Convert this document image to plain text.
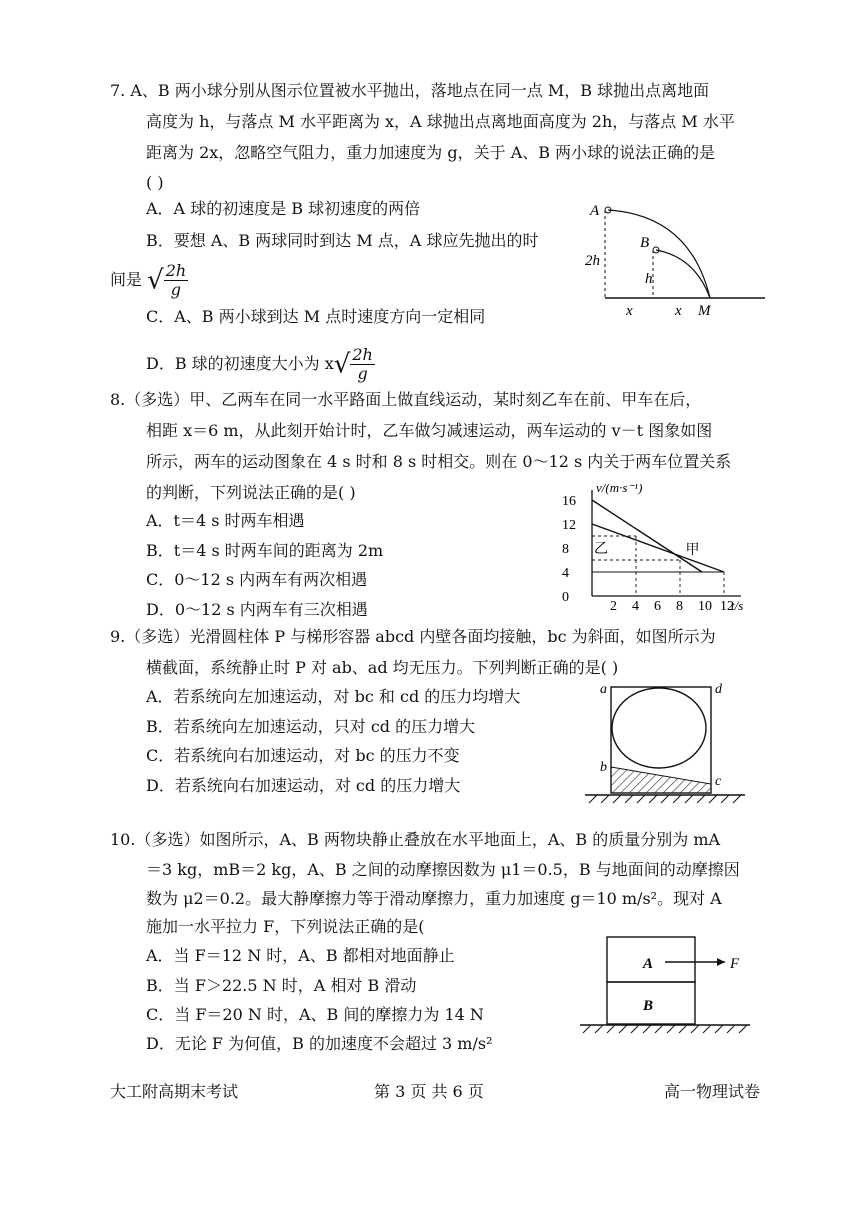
7. A、B 两小球分别从图示位置被水平抛出，落地点在同一点 M，B 球抛出点离地面
高度为 h，与落点 M 水平距离为 x，A 球抛出点离地面高度为 2h，与落点 M 水平
距离为 2x，忽略空气阻力，重力加速度为 g，关于 A、B 两小球的说法正确的是
( )
A．A 球的初速度是 B 球初速度的两倍
B．要想 A、B 两球同时到达 M 点，A 球应先抛出的时
间是 √ $\frac{2h}{g}$
C．A、B 两小球到达 M 点时速度方向一定相同
D．B 球的初速度大小为 $x√ \frac{2h}{g}$
A
B
2h
h
x	x M
8.（多选）甲、乙两车在同一水平路面上做直线运动，某时刻乙车在前、甲车在后，
相距 x＝6 m，从此刻开始计时，乙车做匀减速运动，两车运动的 v－t 图象如图
所示，两车的运动图象在 4 s 时和 8 s 时相交。则在 0～12 s 内关于两车位置关系
的判断，下列说法正确的是( )
A．t＝4 s 时两车相遇
B．t＝4 s 时两车间的距离为 2m
C．0～12 s 内两车有两次相遇
D．0～12 s 内两车有三次相遇
v/(m·s⁻¹)
t/s
0
4
8
12
16
2 4 6 8 10 12
乙	甲
9.（多选）光滑圆柱体 P 与梯形容器 abcd 内壁各面均接触，bc 为斜面，如图所示为
横截面，系统静止时 P 对 ab、ad 均无压力。下列判断正确的是( )
A．若系统向左加速运动，对 bc 和 cd 的压力均增大
B．若系统向左加速运动，只对 cd 的压力增大
C．若系统向右加速运动，对 bc 的压力不变
D．若系统向右加速运动，对 cd 的压力增大
a	d
b
c
10.（多选）如图所示，A、B 两物块静止叠放在水平地面上，A、B 的质量分别为 mA
＝3 kg，mB＝2 kg，A、B 之间的动摩擦因数为 μ1＝0.5，B 与地面间的动摩擦因
数为 μ2＝0.2。最大静摩擦力等于滑动摩擦力，重力加速度 g＝10 m/s²。现对 A
施加一水平拉力 F，下列说法正确的是(
A．当 F＝12 N 时，A、B 都相对地面静止
B．当 F＞22.5 N 时，A 相对 B 滑动
C．当 F＝20 N 时，A、B 间的摩擦力为 14 N
D．无论 F 为何值，B 的加速度不会超过 3 m/s²
A
B
F
大工附高期末考试	第 3 页 共 6 页	高一物理试卷
